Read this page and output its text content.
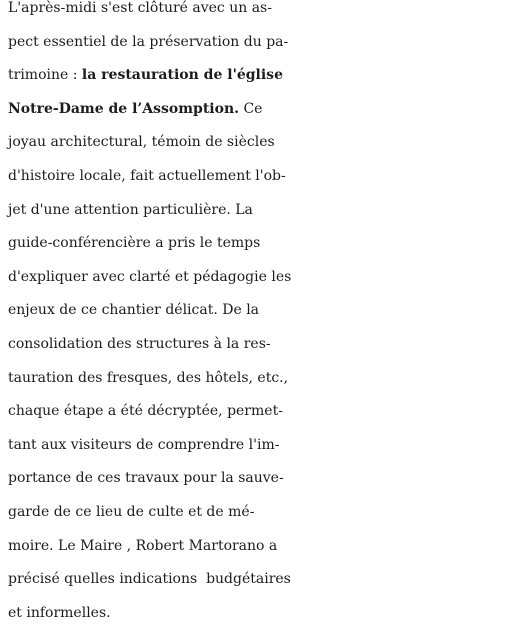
L'après-midi s'est clôturé avec un as-
pect essentiel de la préservation du pa-
trimoine : la restauration de l'église
Notre-Dame de l’Assomption. Ce
joyau architectural, témoin de siècles
d'histoire locale, fait actuellement l'ob-
jet d'une attention particulière. La
guide-conférencière a pris le temps
d'expliquer avec clarté et pédagogie les
enjeux de ce chantier délicat. De la
consolidation des structures à la res-
tauration des fresques, des hôtels, etc.,
chaque étape a été décryptée, permet-
tant aux visiteurs de comprendre l'im-
portance de ces travaux pour la sauve-
garde de ce lieu de culte et de mé-
moire. Le Maire , Robert Martorano a
précisé quelles indications  budgétaires
et informelles.
